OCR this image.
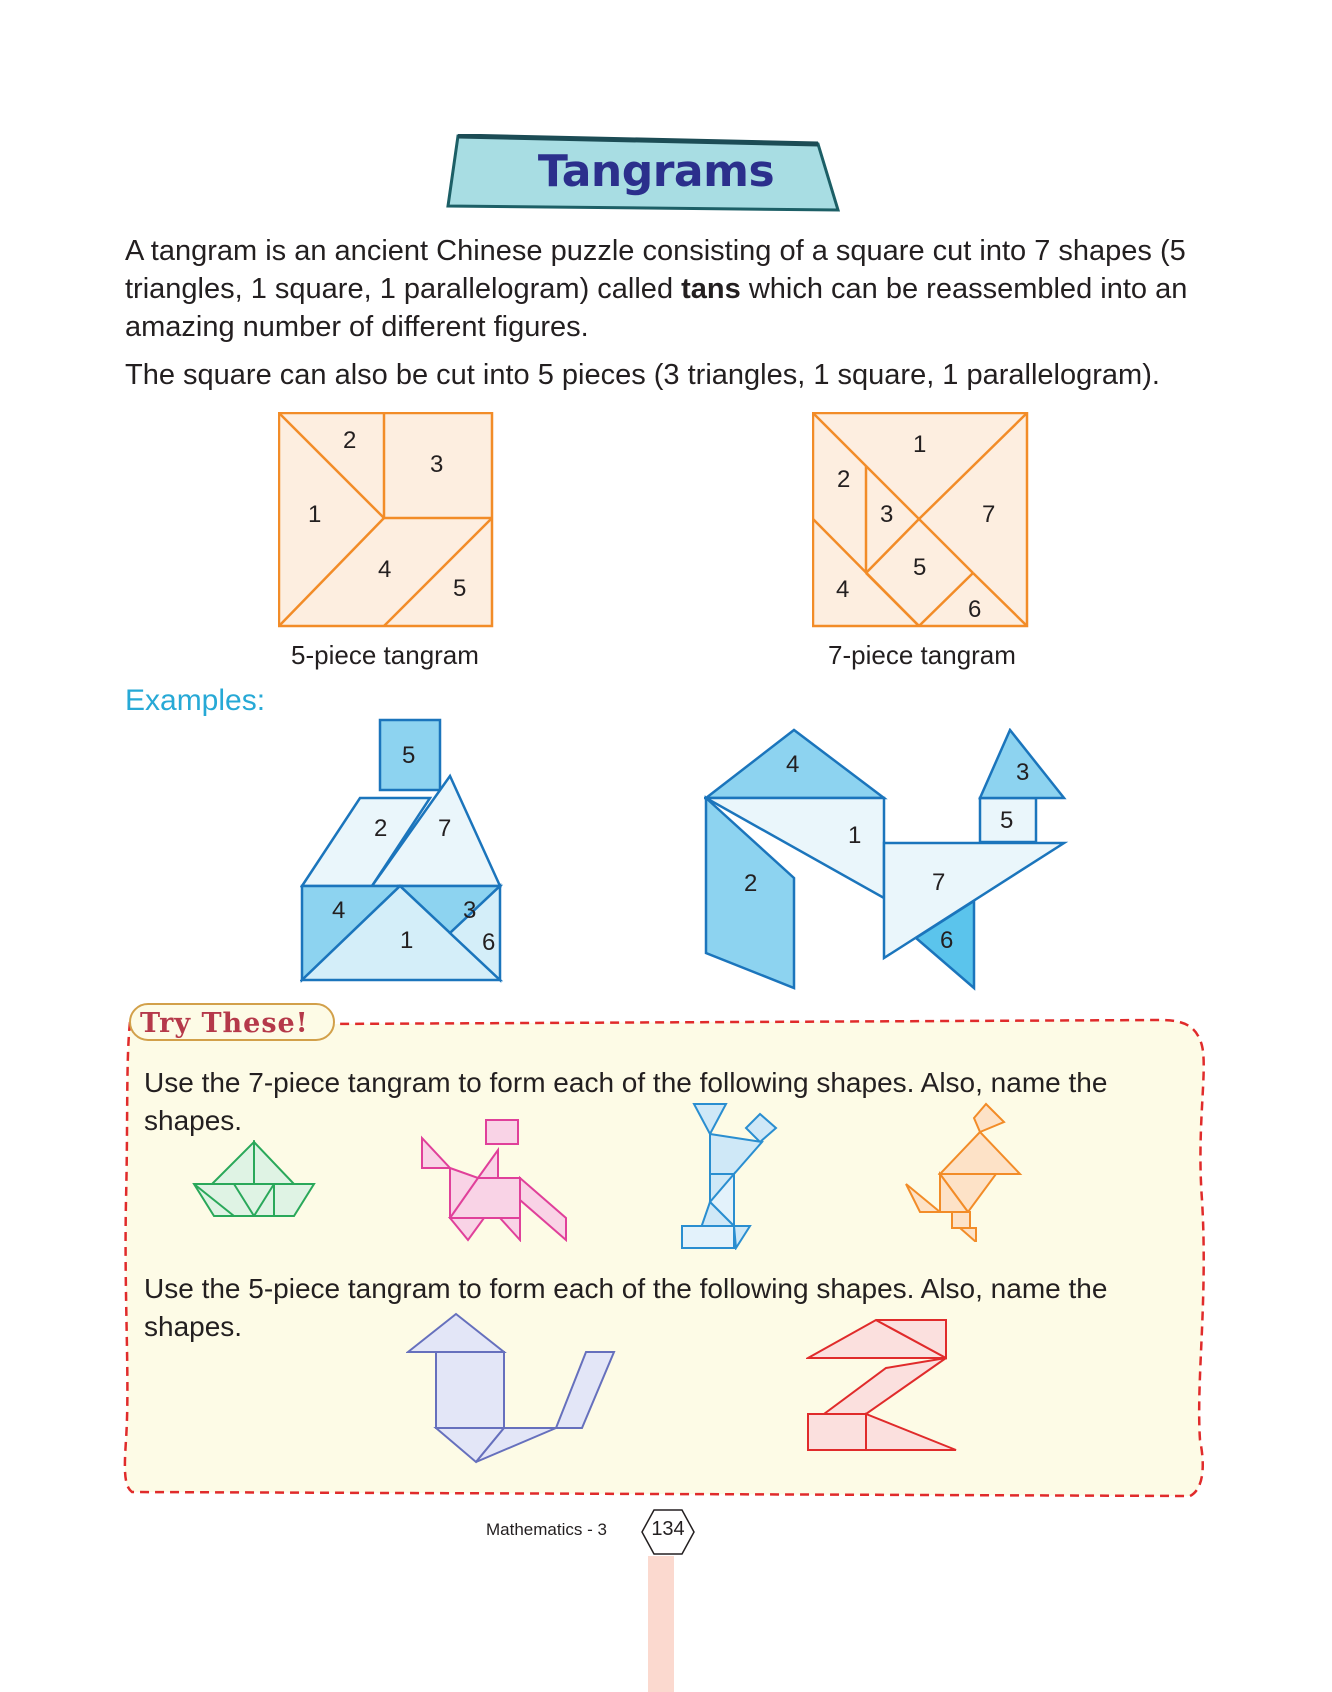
Tangrams
A tangram is an ancient Chinese puzzle consisting of a square cut into 7 shapes (5 triangles, 1 square, 1 parallelogram) called tans which can be reassembled into an amazing number of different figures.
The square can also be cut into 5 pieces (3 triangles, 1 square, 1 parallelogram).
1
2
3
4
5
5-piece tangram
1
2
3
4
5
6
7
7-piece tangram
Examples:
1
2
3
4
5
6
7	1
2
3
4
5
6
7
Try These!
Use the 7-piece tangram to form each of the following shapes. Also, name the shapes.
Use the 5-piece tangram to form each of the following shapes. Also, name the shapes.
Mathematics - 3	134
